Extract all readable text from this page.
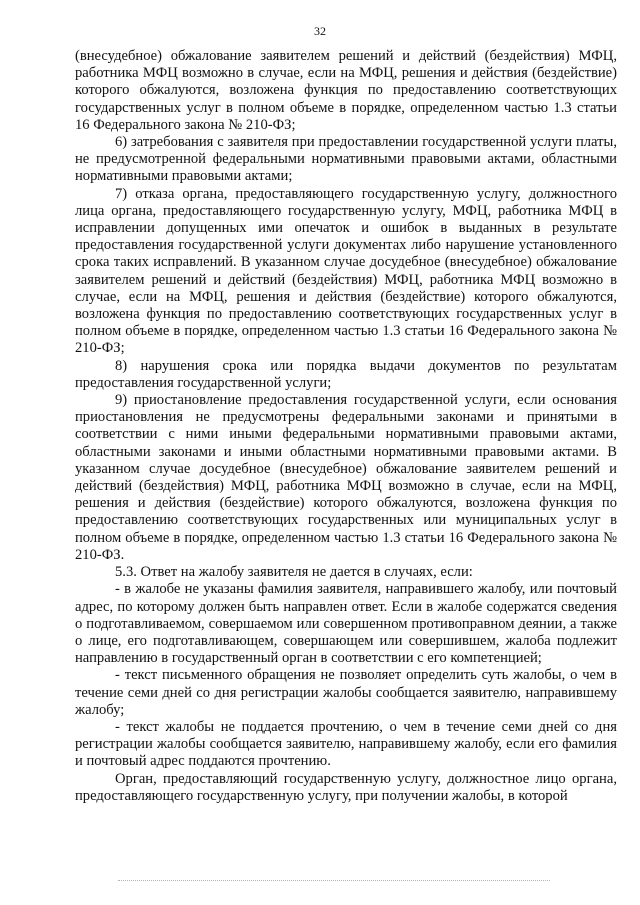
32

(внесудебное) обжалование заявителем решений и действий (бездействия) МФЦ, работника МФЦ возможно в случае, если на МФЦ, решения и действия (бездействие) которого обжалуются, возложена функция по предоставлению соответствующих государственных услуг в полном объеме в порядке, определенном частью 1.3 статьи 16 Федерального закона № 210-ФЗ;

6) затребования с заявителя при предоставлении государственной услуги платы, не предусмотренной федеральными нормативными правовыми актами, областными нормативными правовыми актами;

7) отказа органа, предоставляющего государственную услугу, должностного лица органа, предоставляющего государственную услугу, МФЦ, работника МФЦ в исправлении допущенных ими опечаток и ошибок в выданных в результате предоставления государственной услуги документах либо нарушение установленного срока таких исправлений. В указанном случае досудебное (внесудебное) обжалование заявителем решений и действий (бездействия) МФЦ, работника МФЦ возможно в случае, если на МФЦ, решения и действия (бездействие) которого обжалуются, возложена функция по предоставлению соответствующих государственных услуг в полном объеме в порядке, определенном частью 1.3 статьи 16 Федерального закона № 210-ФЗ;

8) нарушения срока или порядка выдачи документов по результатам предоставления государственной услуги;

9) приостановление предоставления государственной услуги, если основания приостановления не предусмотрены федеральными законами и принятыми в соответствии с ними иными федеральными нормативными правовыми актами, областными законами и иными областными нормативными правовыми актами. В указанном случае досудебное (внесудебное) обжалование заявителем решений и действий (бездействия) МФЦ, работника МФЦ возможно в случае, если на МФЦ, решения и действия (бездействие) которого обжалуются, возложена функция по предоставлению соответствующих государственных или муниципальных услуг в полном объеме в порядке, определенном частью 1.3 статьи 16 Федерального закона № 210-ФЗ.

5.3. Ответ на жалобу заявителя не дается в случаях, если:

- в жалобе не указаны фамилия заявителя, направившего жалобу, или почтовый адрес, по которому должен быть направлен ответ. Если в жалобе содержатся сведения о подготавливаемом, совершаемом или совершенном противоправном деянии, а также о лице, его подготавливающем, совершающем или совершившем, жалоба подлежит направлению в государственный орган в соответствии с его компетенцией;

- текст письменного обращения не позволяет определить суть жалобы, о чем в течение семи дней со дня регистрации жалобы сообщается заявителю, направившему жалобу;

- текст жалобы не поддается прочтению, о чем в течение семи дней со дня регистрации жалобы сообщается заявителю, направившему жалобу, если его фамилия и почтовый адрес поддаются прочтению.

Орган, предоставляющий государственную услугу, должностное лицо органа, предоставляющего государственную услугу, при получении жалобы, в которой
